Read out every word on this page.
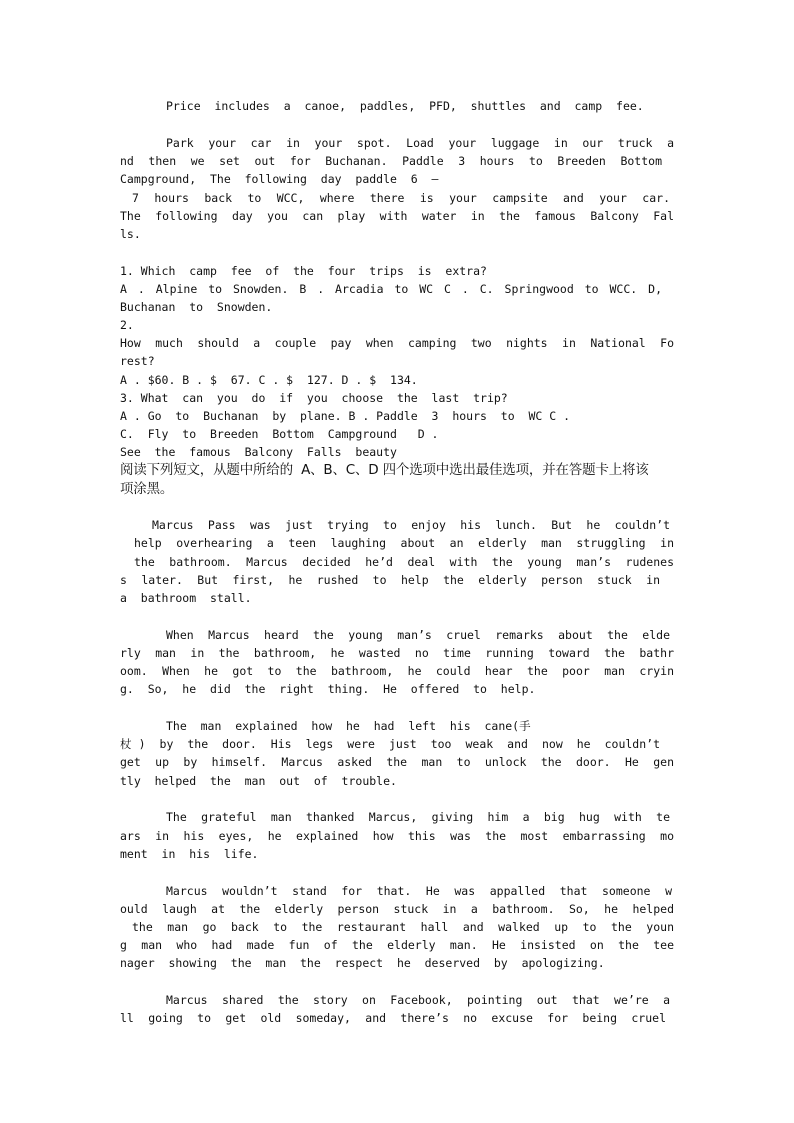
Price  includes  a  canoe,  paddles,  PFD,  shuttles  and  camp  fee.
Park your car in your spot. Load your luggage in our truck a
nd then we set out for Buchanan. Paddle 3 hours to Breeden Bottom
Campground,  The  following  day  paddle  6  –
7 hours back to WCC, where there is your campsite and your car.
The following day you can play with water in the famous Balcony Fal
ls.
1. Which  camp  fee  of  the  four  trips  is  extra?
A . Alpine to Snowden. B . Arcadia to WC C . C. Springwood to WCC. D,
Buchanan  to  Snowden.
2.
How much should a couple pay when camping two nights in National Fo
rest?
A . $60. B . $  67. C . $  127. D . $  134.
3. What  can  you  do  if  you  choose  the  last  trip?
A . Go  to  Buchanan  by  plane. B . Paddle  3  hours  to  WC C .
C.  Fly  to  Breeden  Bottom  Campground   D .
See  the  famous  Balcony  Falls  beauty
阅读下列短文，从题中所给的  A、B、C、D 四个选项中选出最佳选项，并在答题卡上将该
项涂黑。
Marcus Pass was just trying to enjoy his lunch. But he couldn’t
help overhearing a teen laughing about an elderly man struggling in
the bathroom. Marcus decided he’d deal with the young man’s rudenes
s later. But first, he rushed to help the elderly person stuck in
a  bathroom  stall.
When Marcus heard the young man’s cruel remarks about the elde
rly man in the bathroom, he wasted no time running toward the bathr
oom. When he got to the bathroom, he could hear the poor man cryin
g.  So,  he  did  the  right  thing.  He  offered  to  help.
The  man  explained  how  he  had  left  his  cane(手
杖) by the door. His legs were just too weak and now he couldn’t
get up by himself. Marcus asked the man to unlock the door. He gen
tly  helped  the  man  out  of  trouble.
The grateful man thanked Marcus, giving him a big hug with te
ars in his eyes, he explained how this was the most embarrassing mo
ment  in  his  life.
Marcus wouldn’t stand for that. He was appalled that someone w
ould laugh at the elderly person stuck in a bathroom. So, he helped
the man go back to the restaurant hall and walked up to the youn
g man who had made fun of the elderly man. He insisted on the tee
nager  showing  the  man  the  respect  he  deserved  by  apologizing.
Marcus shared the story on Facebook, pointing out that we’re a
ll going to get old someday, and there’s no excuse for being cruel
